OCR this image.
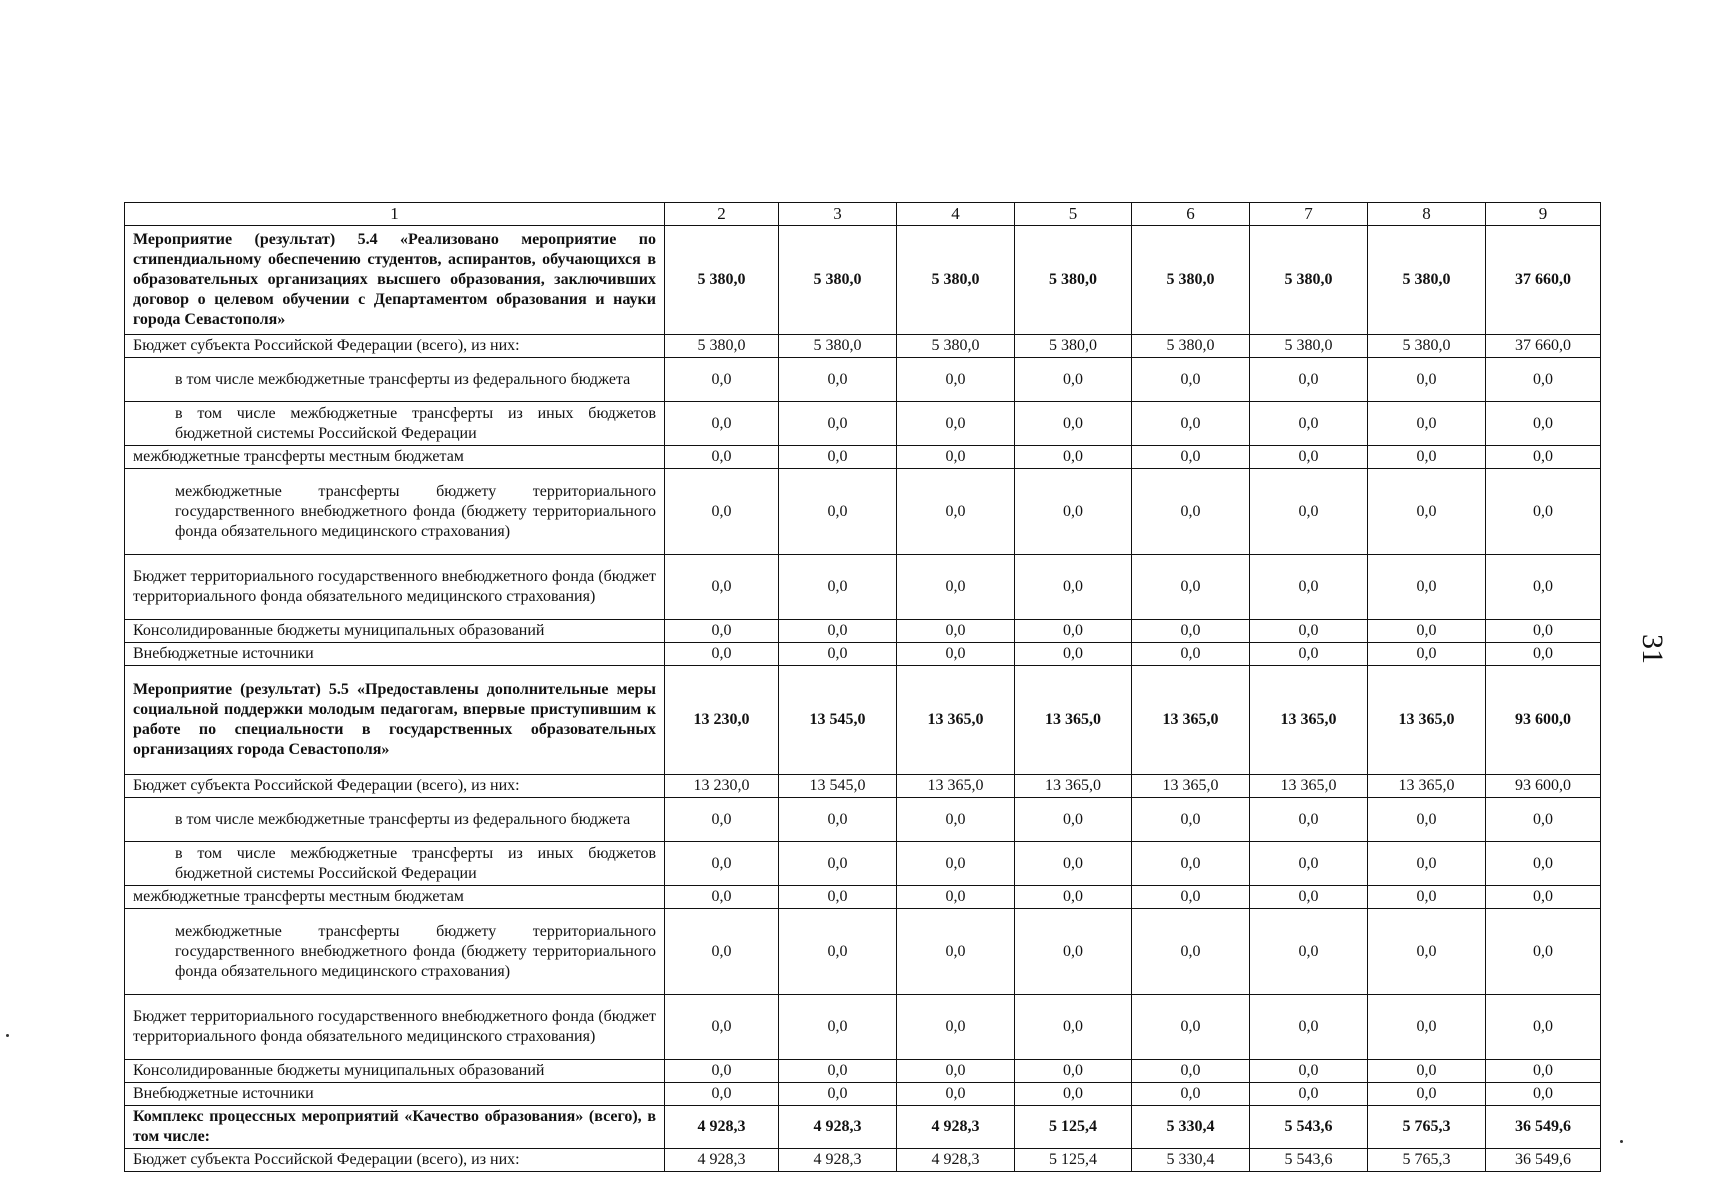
1	2	3	4	5	6	7	8	9
Мероприятие (результат) 5.4 «Реализовано мероприятие по стипендиальному обеспечению студентов, аспирантов, обучающихся в образовательных организациях высшего образования, заключивших договор о целевом обучении с Департаментом образования и науки города Севастополя»	5 380,0	5 380,0	5 380,0	5 380,0	5 380,0	5 380,0	5 380,0	37 660,0
Бюджет субъекта Российской Федерации (всего), из них:	5 380,0	5 380,0	5 380,0	5 380,0	5 380,0	5 380,0	5 380,0	37 660,0
в том числе межбюджетные трансферты из федерального бюджета	0,0	0,0	0,0	0,0	0,0	0,0	0,0	0,0
в том числе межбюджетные трансферты из иных бюджетов бюджетной системы Российской Федерации	0,0	0,0	0,0	0,0	0,0	0,0	0,0	0,0
межбюджетные трансферты местным бюджетам	0,0	0,0	0,0	0,0	0,0	0,0	0,0	0,0
межбюджетные трансферты бюджету территориального государственного внебюджетного фонда (бюджету территориального фонда обязательного медицинского страхования)	0,0	0,0	0,0	0,0	0,0	0,0	0,0	0,0
Бюджет территориального государственного внебюджетного фонда (бюджет территориального фонда обязательного медицинского страхования)	0,0	0,0	0,0	0,0	0,0	0,0	0,0	0,0
Консолидированные бюджеты муниципальных образований	0,0	0,0	0,0	0,0	0,0	0,0	0,0	0,0
Внебюджетные источники	0,0	0,0	0,0	0,0	0,0	0,0	0,0	0,0
Мероприятие (результат) 5.5 «Предоставлены дополнительные меры социальной поддержки молодым педагогам, впервые приступившим к работе по специальности в государственных образовательных организациях города Севастополя»	13 230,0	13 545,0	13 365,0	13 365,0	13 365,0	13 365,0	13 365,0	93 600,0
Бюджет субъекта Российской Федерации (всего), из них:	13 230,0	13 545,0	13 365,0	13 365,0	13 365,0	13 365,0	13 365,0	93 600,0
в том числе межбюджетные трансферты из федерального бюджета	0,0	0,0	0,0	0,0	0,0	0,0	0,0	0,0
в том числе межбюджетные трансферты из иных бюджетов бюджетной системы Российской Федерации	0,0	0,0	0,0	0,0	0,0	0,0	0,0	0,0
межбюджетные трансферты местным бюджетам	0,0	0,0	0,0	0,0	0,0	0,0	0,0	0,0
межбюджетные трансферты бюджету территориального государственного внебюджетного фонда (бюджету территориального фонда обязательного медицинского страхования)	0,0	0,0	0,0	0,0	0,0	0,0	0,0	0,0
Бюджет территориального государственного внебюджетного фонда (бюджет территориального фонда обязательного медицинского страхования)	0,0	0,0	0,0	0,0	0,0	0,0	0,0	0,0
Консолидированные бюджеты муниципальных образований	0,0	0,0	0,0	0,0	0,0	0,0	0,0	0,0
Внебюджетные источники	0,0	0,0	0,0	0,0	0,0	0,0	0,0	0,0
Комплекс процессных мероприятий «Качество образования» (всего), в том числе:	4 928,3	4 928,3	4 928,3	5 125,4	5 330,4	5 543,6	5 765,3	36 549,6
Бюджет субъекта Российской Федерации (всего), из них:	4 928,3	4 928,3	4 928,3	5 125,4	5 330,4	5 543,6	5 765,3	36 549,6
31
